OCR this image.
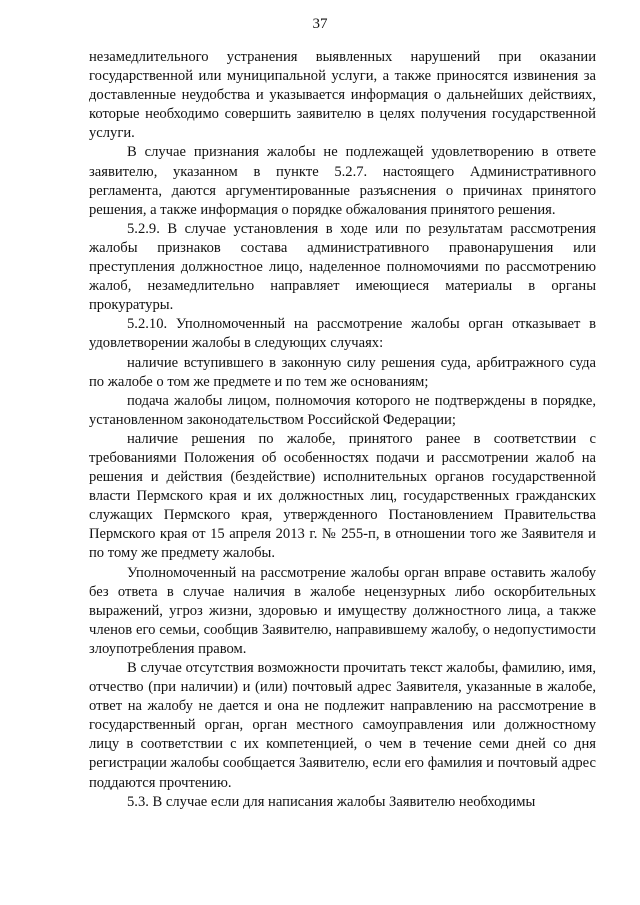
37

незамедлительного устранения выявленных нарушений при оказании государственной или муниципальной услуги, а также приносятся извинения за доставленные неудобства и указывается информация о дальнейших действиях, которые необходимо совершить заявителю в целях получения государственной услуги.

В случае признания жалобы не подлежащей удовлетворению в ответе заявителю, указанном в пункте 5.2.7. настоящего Административного регламента, даются аргументированные разъяснения о причинах принятого решения, а также информация о порядке обжалования принятого решения.

5.2.9. В случае установления в ходе или по результатам рассмотрения жалобы признаков состава административного правонарушения или преступления должностное лицо, наделенное полномочиями по рассмотрению жалоб, незамедлительно направляет имеющиеся материалы в органы прокуратуры.

5.2.10. Уполномоченный на рассмотрение жалобы орган отказывает в удовлетворении жалобы в следующих случаях:

наличие вступившего в законную силу решения суда, арбитражного суда по жалобе о том же предмете и по тем же основаниям;

подача жалобы лицом, полномочия которого не подтверждены в порядке, установленном законодательством Российской Федерации;

наличие решения по жалобе, принятого ранее в соответствии с требованиями Положения об особенностях подачи и рассмотрении жалоб на решения и действия (бездействие) исполнительных органов государственной власти Пермского края и их должностных лиц, государственных гражданских служащих Пермского края, утвержденного Постановлением Правительства Пермского края от 15 апреля 2013 г. № 255-п, в отношении того же Заявителя и по тому же предмету жалобы.

Уполномоченный на рассмотрение жалобы орган вправе оставить жалобу без ответа в случае наличия в жалобе нецензурных либо оскорбительных выражений, угроз жизни, здоровью и имуществу должностного лица, а также членов его семьи, сообщив Заявителю, направившему жалобу, о недопустимости злоупотребления правом.

В случае отсутствия возможности прочитать текст жалобы, фамилию, имя, отчество (при наличии) и (или) почтовый адрес Заявителя, указанные в жалобе, ответ на жалобу не дается и она не подлежит направлению на рассмотрение в государственный орган, орган местного самоуправления или должностному лицу в соответствии с их компетенцией, о чем в течение семи дней со дня регистрации жалобы сообщается Заявителю, если его фамилия и почтовый адрес поддаются прочтению.

5.3. В случае если для написания жалобы Заявителю необходимы
